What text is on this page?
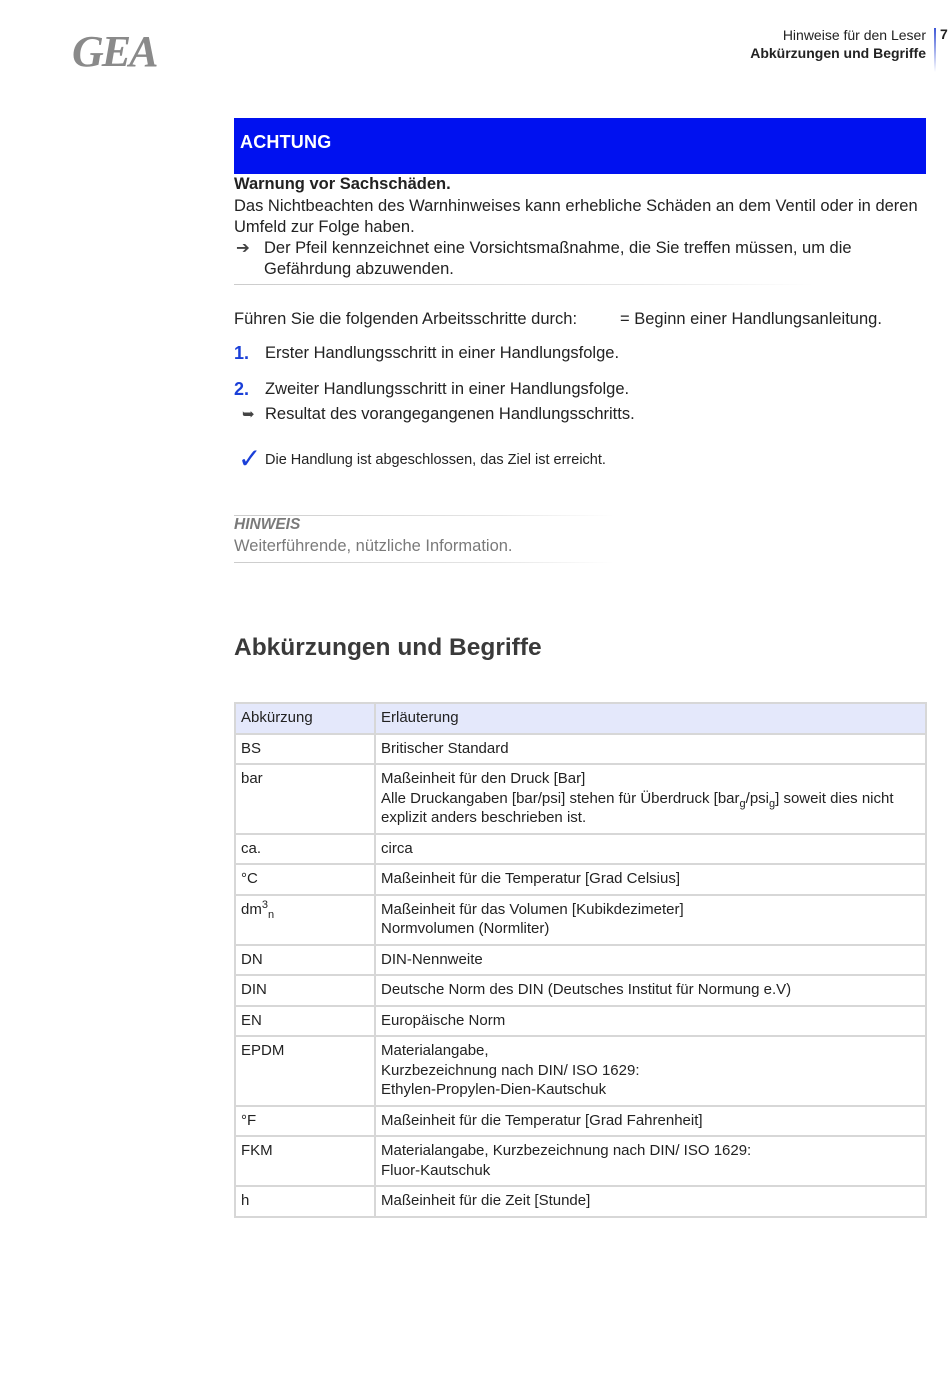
GEA	Hinweise für den Leser
Abkürzungen und Begriffe
7
ACHTUNG
Warnung vor Sachschäden.
Das Nichtbeachten des Warnhinweises kann erhebliche Schäden an dem Ventil oder in deren Umfeld zur Folge haben.
➔ Der Pfeil kennzeichnet eine Vorsichtsmaßnahme, die Sie treffen müssen, um die Gefährdung abzuwenden.
Führen Sie die folgenden Arbeitsschritte durch:	= Beginn einer Handlungsanleitung.
1. Erster Handlungsschritt in einer Handlungsfolge.
2. Zweiter Handlungsschritt in einer Handlungsfolge.
➥ Resultat des vorangegangenen Handlungsschritts.
✓ Die Handlung ist abgeschlossen, das Ziel ist erreicht.
HINWEIS
Weiterführende, nützliche Information.
Abkürzungen und Begriffe
Abkürzung	Erläuterung
BS	Britischer Standard

bar	Maßeinheit für den Druck [Bar]
Alle Druckangaben [bar/psi] stehen für Überdruck [bar$_g$/psi$_g$] soweit dies nicht explizit anders beschrieben ist.

ca.	circa

°C	Maßeinheit für die Temperatur [Grad Celsius]

$dm^3_n$	Maßeinheit für das Volumen [Kubikdezimeter]
Normvolumen (Normliter)

DN	DIN-Nennweite

DIN	Deutsche Norm des DIN (Deutsches Institut für Normung e.V)

EN	Europäische Norm

EPDM	Materialangabe,
Kurzbezeichnung nach DIN/ ISO 1629:
Ethylen-Propylen-Dien-Kautschuk

°F	Maßeinheit für die Temperatur [Grad Fahrenheit]

FKM	Materialangabe, Kurzbezeichnung nach DIN/ ISO 1629:
Fluor-Kautschuk

h	Maßeinheit für die Zeit [Stunde]
